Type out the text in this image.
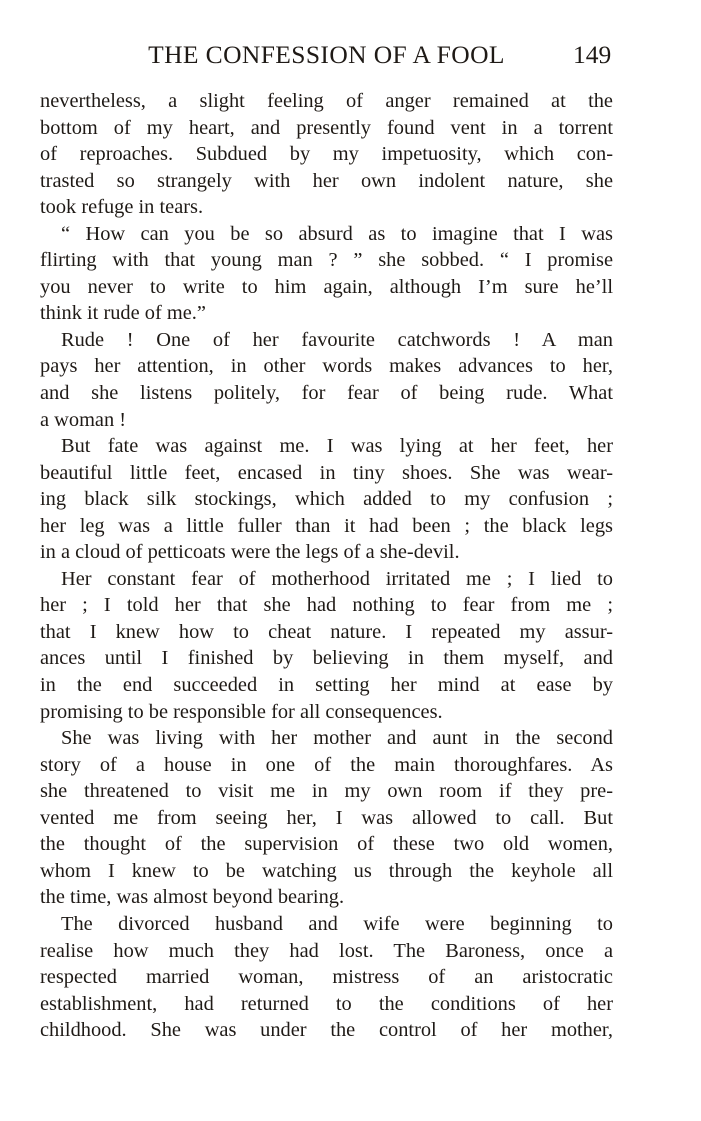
THE CONFESSION OF A FOOL	149
nevertheless, a slight feeling of anger remained at the
bottom of my heart, and presently found vent in a torrent
of reproaches. Subdued by my impetuosity, which con-
trasted so strangely with her own indolent nature, she
took refuge in tears.
“ How can you be so absurd as to imagine that I was
flirting with that young man ? ” she sobbed. “ I promise
you never to write to him again, although I’m sure he’ll
think it rude of me.”
Rude ! One of her favourite catchwords ! A man
pays her attention, in other words makes advances to her,
and she listens politely, for fear of being rude. What
a woman !
But fate was against me. I was lying at her feet, her
beautiful little feet, encased in tiny shoes. She was wear-
ing black silk stockings, which added to my confusion ;
her leg was a little fuller than it had been ; the black legs
in a cloud of petticoats were the legs of a she-devil.
Her constant fear of motherhood irritated me ; I lied to
her ; I told her that she had nothing to fear from me ;
that I knew how to cheat nature. I repeated my assur-
ances until I finished by believing in them myself, and
in the end succeeded in setting her mind at ease by
promising to be responsible for all consequences.
She was living with her mother and aunt in the second
story of a house in one of the main thoroughfares. As
she threatened to visit me in my own room if they pre-
vented me from seeing her, I was allowed to call. But
the thought of the supervision of these two old women,
whom I knew to be watching us through the keyhole all
the time, was almost beyond bearing.
The divorced husband and wife were beginning to
realise how much they had lost. The Baroness, once a
respected married woman, mistress of an aristocratic
establishment, had returned to the conditions of her
childhood. She was under the control of her mother,
